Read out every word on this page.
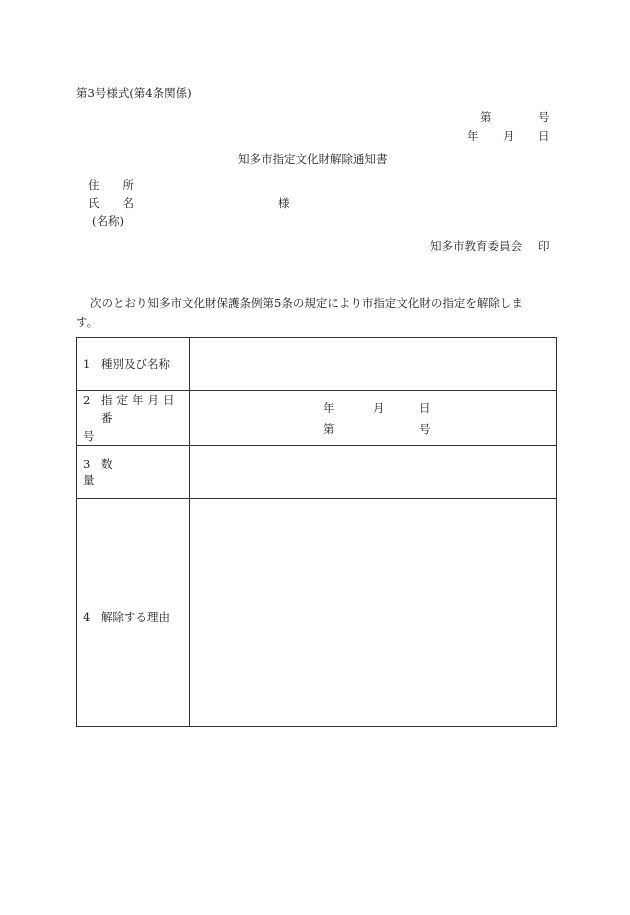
第3号様式(第4条関係)
第	号
年 月 日
知多市指定文化財解除通知書
住　　所
氏　　名	様
(名称)
知多市教育委員会 印
次のとおり知多市文化財保護条例第5条の規定により市指定文化財の指定を解除しま
す。
1 種別及び名称	

2 指定年月日
番号	年 月 日
第 号

3 数量	
4 解除する理由	
